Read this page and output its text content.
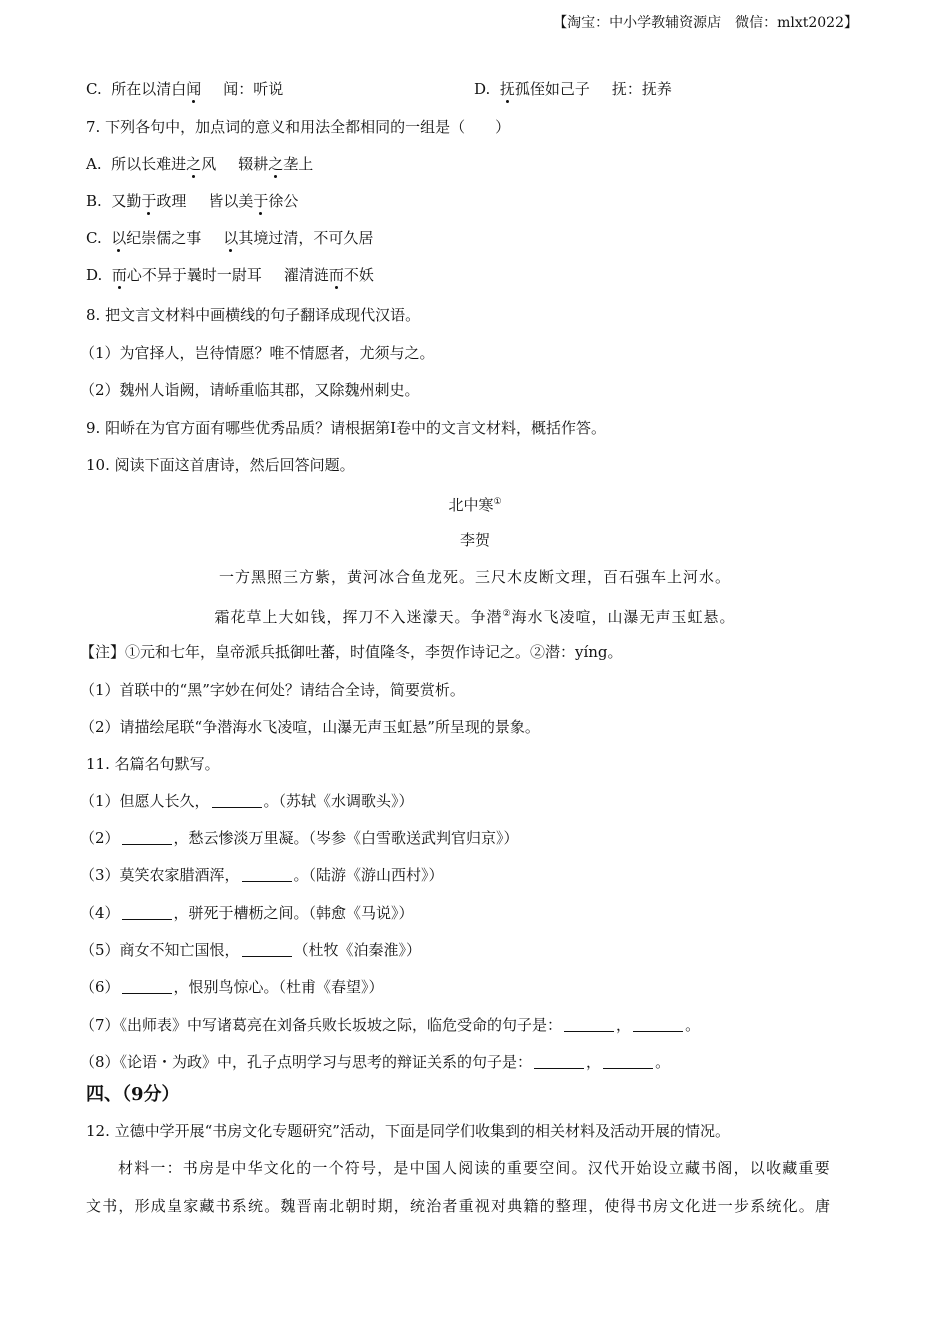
【淘宝：中小学教辅资源店　微信：mlxt2022】
C. 所在以清白闻 闻：听说	D. 抚孤侄如己子 抚：抚养
7. 下列各句中，加点词的意义和用法全都相同的一组是（　　）
A. 所以长难进之风 辍耕之垄上
B. 又勤于政理 皆以美于徐公
C. 以纪崇儒之事 以其境过清，不可久居
D. 而心不异于曩时一尉耳 濯清涟而不妖
8. 把文言文材料中画横线的句子翻译成现代汉语。
（1）为官择人，岂待情愿？唯不情愿者，尤须与之。
（2）魏州人诣阙，请峤重临其郡，又除魏州刺史。
9. 阳峤在为官方面有哪些优秀品质？请根据第Ⅰ卷中的文言文材料，概括作答。
10. 阅读下面这首唐诗，然后回答问题。
北中寒①
李贺
一方黑照三方紫，黄河冰合鱼龙死。三尺木皮断文理，百石强车上河水。
霜花草上大如钱，挥刀不入迷濛天。争潜②海水飞凌喧，山瀑无声玉虹悬。
【注】①元和七年，皇帝派兵抵御吐蕃，时值隆冬，李贺作诗记之。②潜：yíng。
（1）首联中的“黑”字妙在何处？请结合全诗，简要赏析。
（2）请描绘尾联“争潜海水飞凌喧，山瀑无声玉虹悬”所呈现的景象。
11. 名篇名句默写。
（1）但愿人长久，	。（苏轼《水调歌头》）
（2）	，愁云惨淡万里凝。（岑参《白雪歌送武判官归京》）
（3）莫笑农家腊酒浑，	。（陆游《游山西村》）
（4）	，骈死于槽枥之间。（韩愈《马说》）
（5）商女不知亡国恨，	（杜牧《泊秦淮》）
（6）	，恨别鸟惊心。（杜甫《春望》）
（7）《出师表》中写诸葛亮在刘备兵败长坂坡之际，临危受命的句子是：	，	。
（8）《论语・为政》中，孔子点明学习与思考的辩证关系的句子是：	，	。
四、（9分）
12. 立德中学开展“书房文化专题研究”活动，下面是同学们收集到的相关材料及活动开展的情况。
材料一：书房是中华文化的一个符号，是中国人阅读的重要空间。汉代开始设立藏书阁，以收藏重要
文书，形成皇家藏书系统。魏晋南北朝时期，统治者重视对典籍的整理，使得书房文化进一步系统化。唐
